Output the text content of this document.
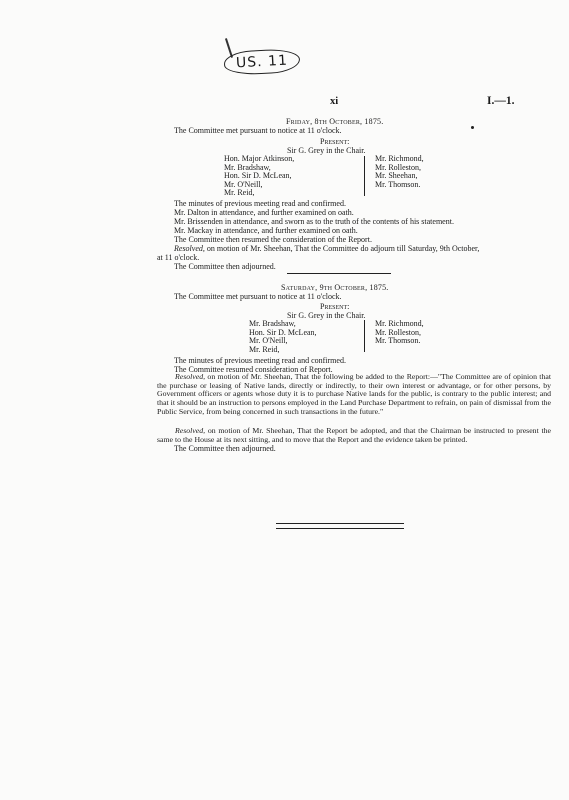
US. 11
xi	I.—1.
Friday, 8th October, 1875.
The Committee met pursuant to notice at 11 o'clock.
Present:
Sir G. Grey in the Chair.
Hon. Major Atkinson,
Mr. Bradshaw,
Hon. Sir D. McLean,
Mr. O'Neill,
Mr. Reid,
Mr. Richmond,
Mr. Rolleston,
Mr. Sheehan,
Mr. Thomson.
The minutes of previous meeting read and confirmed.
Mr. Dalton in attendance, and further examined on oath.
Mr. Brissenden in attendance, and sworn as to the truth of the contents of his statement.
Mr. Mackay in attendance, and further examined on oath.
The Committee then resumed the consideration of the Report.
Resolved, on motion of Mr. Sheehan, That the Committee do adjourn till Saturday, 9th October,
at 11 o'clock.
The Committee then adjourned.
Saturday, 9th October, 1875.
The Committee met pursuant to notice at 11 o'clock.
Present:
Sir G. Grey in the Chair.
Mr. Bradshaw,
Hon. Sir D. McLean,
Mr. O'Neill,
Mr. Reid,
Mr. Richmond,
Mr. Rolleston,
Mr. Thomson.
The minutes of previous meeting read and confirmed.
The Committee resumed consideration of Report.
Resolved, on motion of Mr. Sheehan, That the following be added to the Report:—"The Committee are of opinion that the purchase or leasing of Native lands, directly or indirectly, to their own interest or advantage, or for other persons, by Government officers or agents whose duty it is to purchase Native lands for the public, is contrary to the public interest; and that it should be an instruction to persons employed in the Land Purchase Department to refrain, on pain of dismissal from the Public Service, from being concerned in such transactions in the future."
Resolved, on motion of Mr. Sheehan, That the Report be adopted, and that the Chairman be instructed to present the same to the House at its next sitting, and to move that the Report and the evidence taken be printed.
The Committee then adjourned.
